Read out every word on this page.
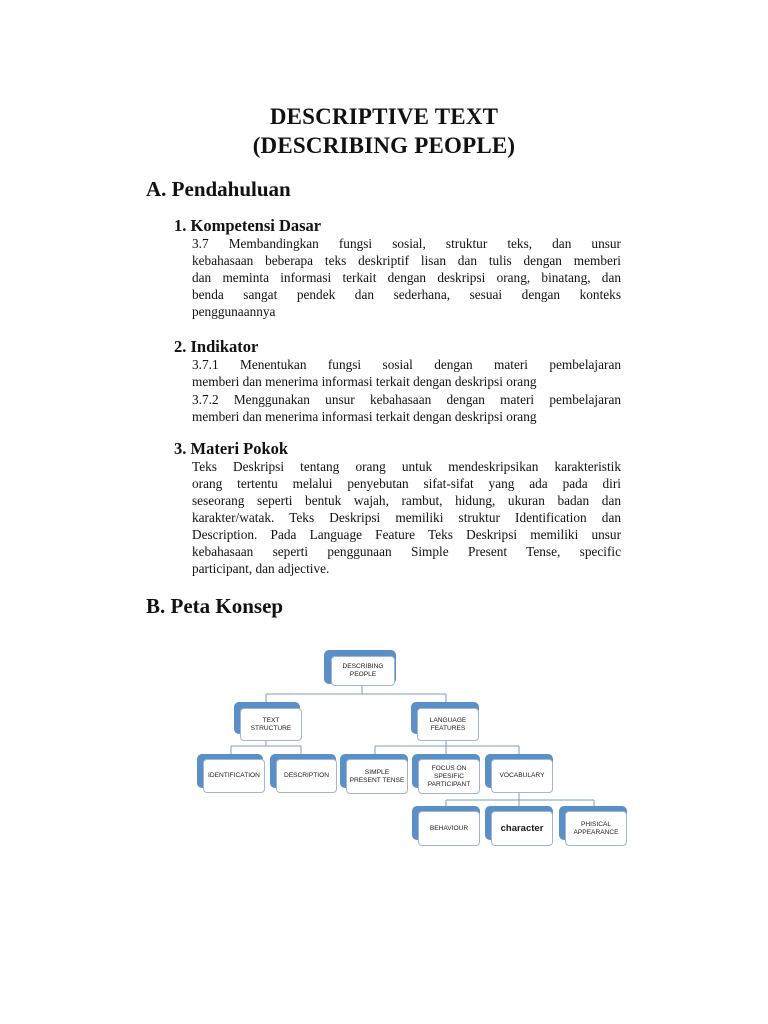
DESCRIPTIVE TEXT
(DESCRIBING PEOPLE)
A. Pendahuluan
1. Kompetensi Dasar

3.7 Membandingkan fungsi sosial, struktur teks, dan unsur

kebahasaan beberapa teks deskriptif lisan dan tulis dengan memberi

dan meminta informasi terkait dengan deskripsi orang, binatang, dan

benda sangat pendek dan sederhana, sesuai dengan konteks

penggunaannya

2. Indikator

3.7.1 Menentukan fungsi sosial dengan materi pembelajaran

memberi dan menerima informasi terkait dengan deskripsi orang

3.7.2 Menggunakan unsur kebahasaan dengan materi pembelajaran

memberi dan menerima informasi terkait dengan deskripsi orang

3. Materi Pokok

Teks Deskripsi tentang orang untuk mendeskripsikan karakteristik

orang tertentu melalui penyebutan sifat-sifat yang ada pada diri

seseorang seperti bentuk wajah, rambut, hidung, ukuran badan dan

karakter/watak. Teks Deskripsi memiliki struktur Identification dan

Description. Pada Language Feature Teks Deskripsi memiliki unsur

kebahasaan seperti penggunaan Simple Present Tense, specific

participant, dan adjective.

B. Peta Konsep
DESCRIBING PEOPLE
TEXT STRUCTURE
LANGUAGE FEATURES
IDENTIFICATION	DESCRIPTION	SIMPLE PRESENT TENSE
FOCUS ON SPESIFIC PARTICIPANT
VOCABULARY
BEHAVIOUR	character	PHISICAL APPEARANCE
